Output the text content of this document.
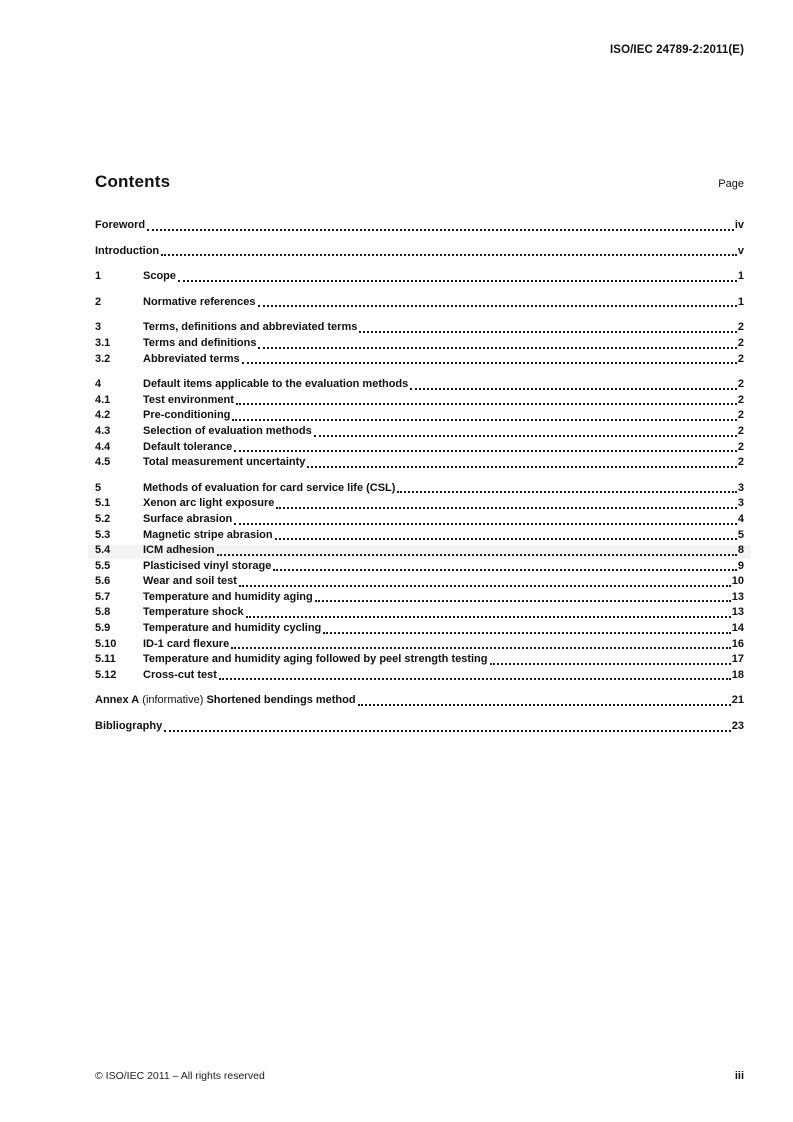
ISO/IEC 24789-2:2011(E)
Contents	Page
Foreword	iv
Introduction	v
1	Scope	1
2	Normative references	1
3	Terms, definitions and abbreviated terms	2
3.1	Terms and definitions	2
3.2	Abbreviated terms	2
4	Default items applicable to the evaluation methods	2
4.1	Test environment	2
4.2	Pre-conditioning	2
4.3	Selection of evaluation methods	2
4.4	Default tolerance	2
4.5	Total measurement uncertainty	2
5	Methods of evaluation for card service life (CSL)	3
5.1	Xenon arc light exposure	3
5.2	Surface abrasion	4
5.3	Magnetic stripe abrasion	5
5.4	ICM adhesion	8
5.5	Plasticised vinyl storage	9
5.6	Wear and soil test	10
5.7	Temperature and humidity aging	13
5.8	Temperature shock	13
5.9	Temperature and humidity cycling	14
5.10	ID-1 card flexure	16
5.11	Temperature and humidity aging followed by peel strength testing	17
5.12	Cross-cut test	18
Annex A (informative) Shortened bendings method	21
Bibliography	23
© ISO/IEC 2011 – All rights reserved	iii
